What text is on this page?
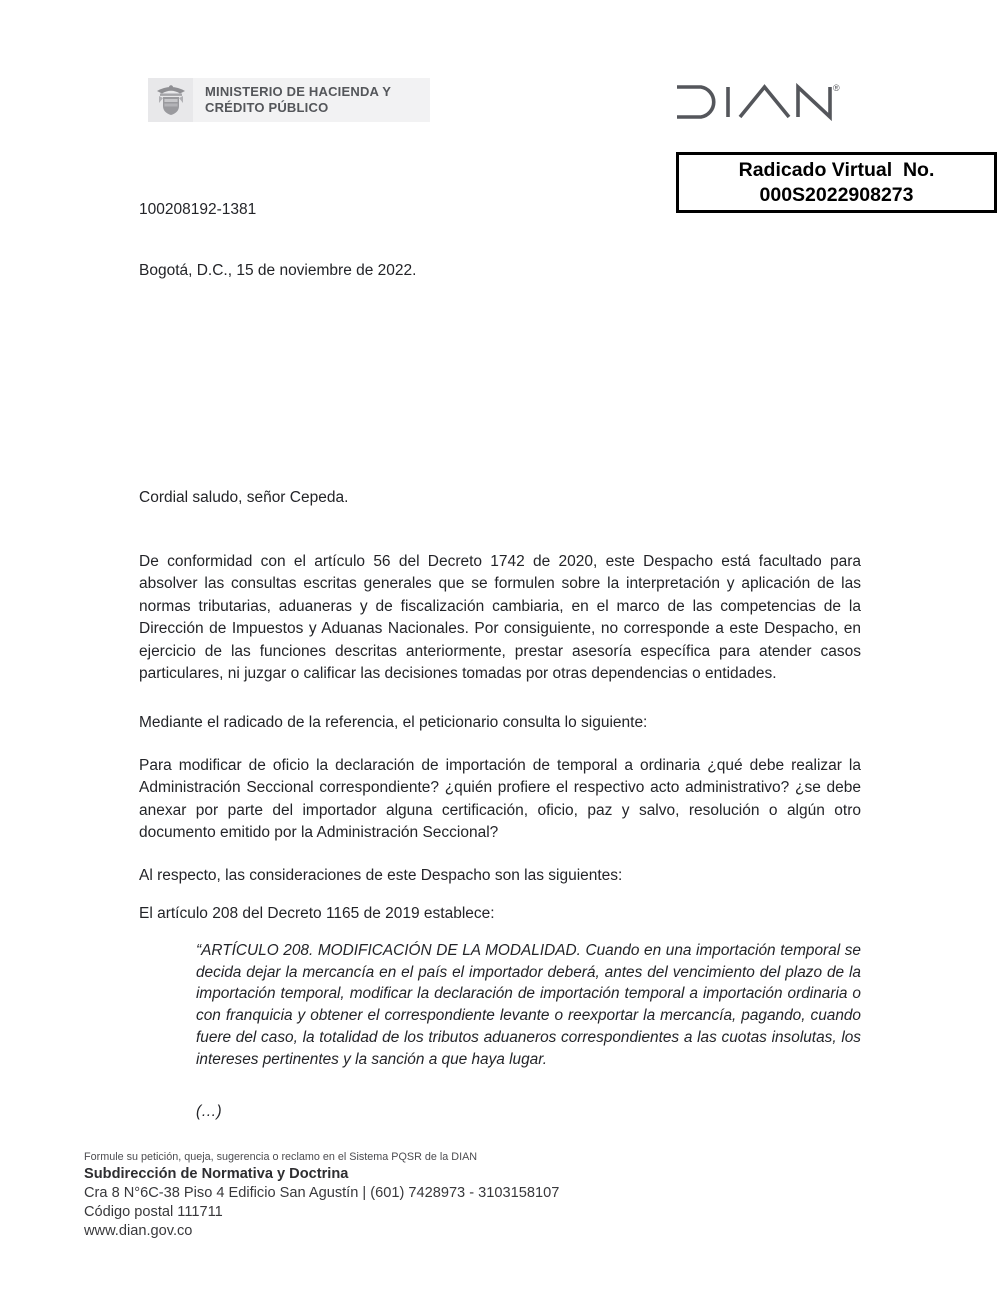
MINISTERIO DE HACIENDA Y
CRÉDITO PÚBLICO
®
Radicado Virtual  No.
000S2022908273
100208192-1381
Bogotá, D.C., 15 de noviembre de 2022.
Cordial saludo, señor Cepeda.
De conformidad con el artículo 56 del Decreto 1742 de 2020, este Despacho está facultado para absolver las consultas escritas generales que se formulen sobre la interpretación y aplicación de las normas tributarias, aduaneras y de fiscalización cambiaria, en el marco de las competencias de la Dirección de Impuestos y Aduanas Nacionales. Por consiguiente, no corresponde a este Despacho, en ejercicio de las funciones descritas anteriormente, prestar asesoría específica para atender casos particulares, ni juzgar o calificar las decisiones tomadas por otras dependencias o entidades.
Mediante el radicado de la referencia, el peticionario consulta lo siguiente:
Para modificar de oficio la declaración de importación de temporal a ordinaria ¿qué debe realizar la Administración Seccional correspondiente? ¿quién profiere el respectivo acto administrativo? ¿se debe anexar por parte del importador alguna certificación, oficio, paz y salvo, resolución o algún otro documento emitido por la Administración Seccional?
Al respecto, las consideraciones de este Despacho son las siguientes:
El artículo 208 del Decreto 1165 de 2019 establece:
“ARTÍCULO 208. MODIFICACIÓN DE LA MODALIDAD. Cuando en una importación temporal se decida dejar la mercancía en el país el importador deberá, antes del vencimiento del plazo de la importación temporal, modificar la declaración de importación temporal a importación ordinaria o con franquicia y obtener el correspondiente levante o reexportar la mercancía, pagando, cuando fuere del caso, la totalidad de los tributos aduaneros correspondientes a las cuotas insolutas, los intereses pertinentes y la sanción a que haya lugar.
(…)
Formule su petición, queja, sugerencia o reclamo en el Sistema PQSR de la DIAN
Subdirección de Normativa y Doctrina
Cra 8 N°6C-38 Piso 4 Edificio San Agustín | (601) 7428973 - 3103158107
Código postal 111711
www.dian.gov.co
